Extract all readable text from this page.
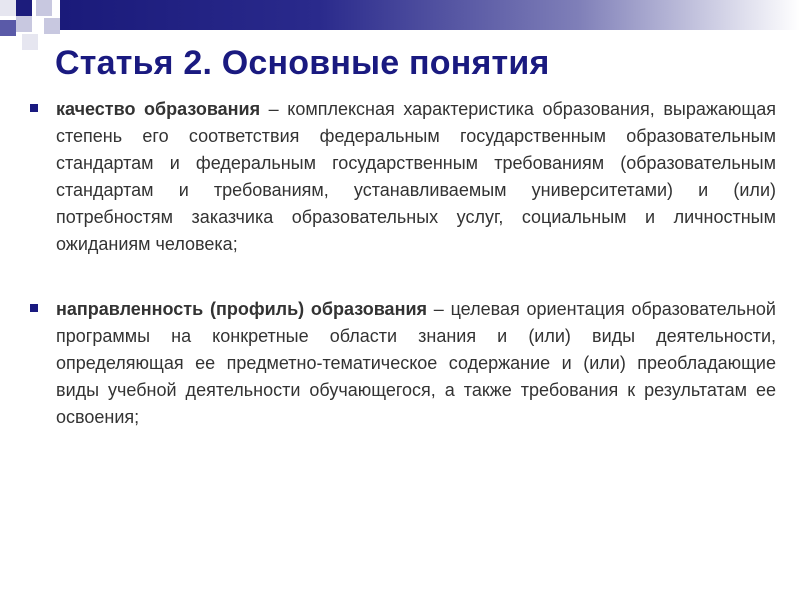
Статья 2. Основные понятия

качество образования – комплексная характеристика образования, выражающая степень его соответствия федеральным государственным образовательным стандартам и федеральным государственным требованиям (образовательным стандартам и требованиям, устанавливаемым университетами) и (или) потребностям заказчика образовательных услуг, социальным и личностным ожиданиям человека;

направленность (профиль) образования – целевая ориентация образовательной программы на конкретные области знания и (или) виды деятельности, определяющая ее предметно-тематическое содержание и (или) преобладающие виды учебной деятельности обучающегося, а также требования к результатам ее освоения;
